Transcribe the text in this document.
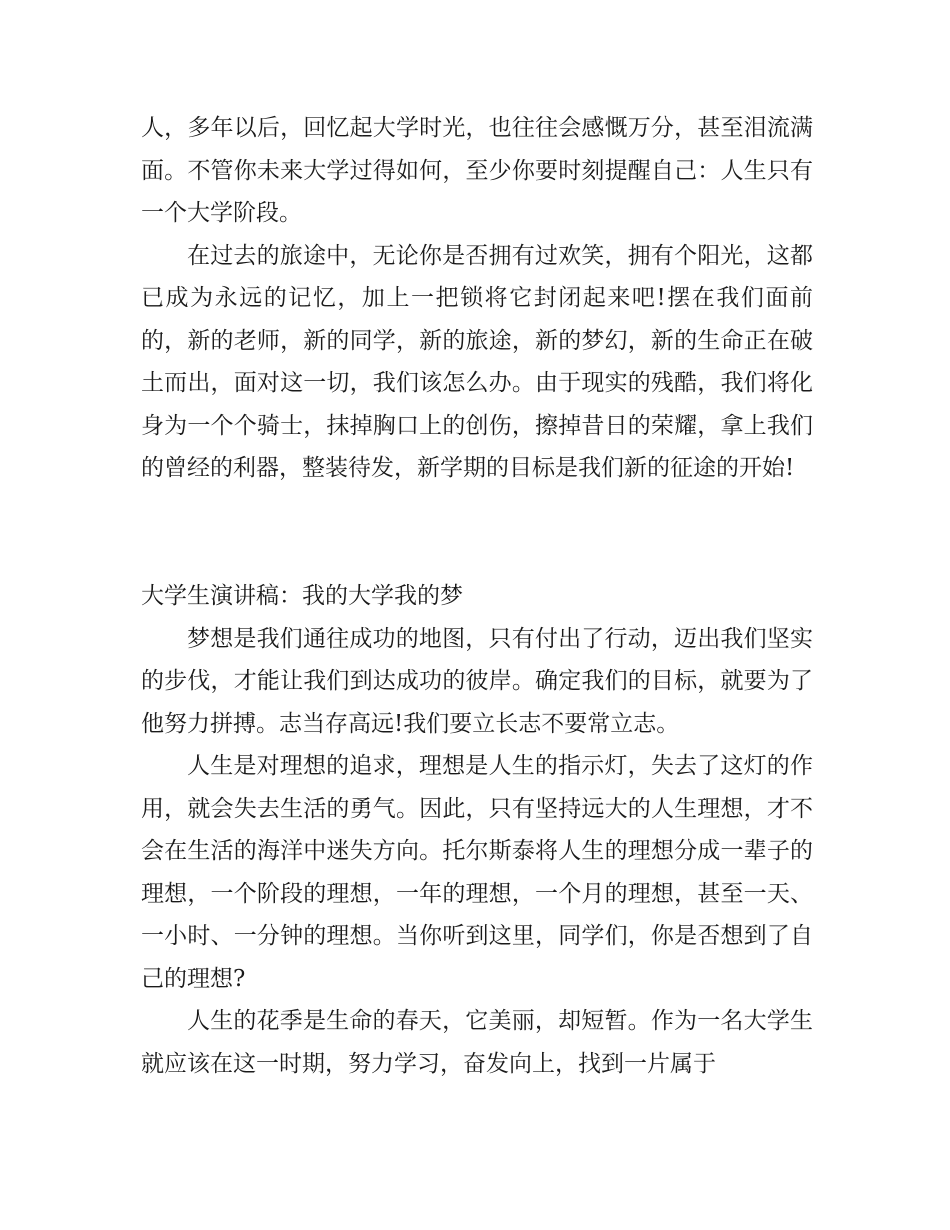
人，多年以后，回忆起大学时光，也往往会感慨万分，甚至泪流满面。不管你未来大学过得如何，至少你要时刻提醒自己：人生只有一个大学阶段。

在过去的旅途中，无论你是否拥有过欢笑，拥有个阳光，这都已成为永远的记忆，加上一把锁将它封闭起来吧!摆在我们面前的，新的老师，新的同学，新的旅途，新的梦幻，新的生命正在破土而出，面对这一切，我们该怎么办。由于现实的残酷，我们将化身为一个个骑士，抹掉胸口上的创伤，擦掉昔日的荣耀，拿上我们的曾经的利器，整装待发，新学期的目标是我们新的征途的开始!

大学生演讲稿：我的大学我的梦

梦想是我们通往成功的地图，只有付出了行动，迈出我们坚实的步伐，才能让我们到达成功的彼岸。确定我们的目标，就要为了他努力拼搏。志当存高远!我们要立长志不要常立志。

人生是对理想的追求，理想是人生的指示灯，失去了这灯的作用，就会失去生活的勇气。因此，只有坚持远大的人生理想，才不会在生活的海洋中迷失方向。托尔斯泰将人生的理想分成一辈子的理想，一个阶段的理想，一年的理想，一个月的理想，甚至一天、一小时、一分钟的理想。当你听到这里，同学们，你是否想到了自己的理想?

人生的花季是生命的春天，它美丽，却短暂。作为一名大学生就应该在这一时期，努力学习，奋发向上，找到一片属于
